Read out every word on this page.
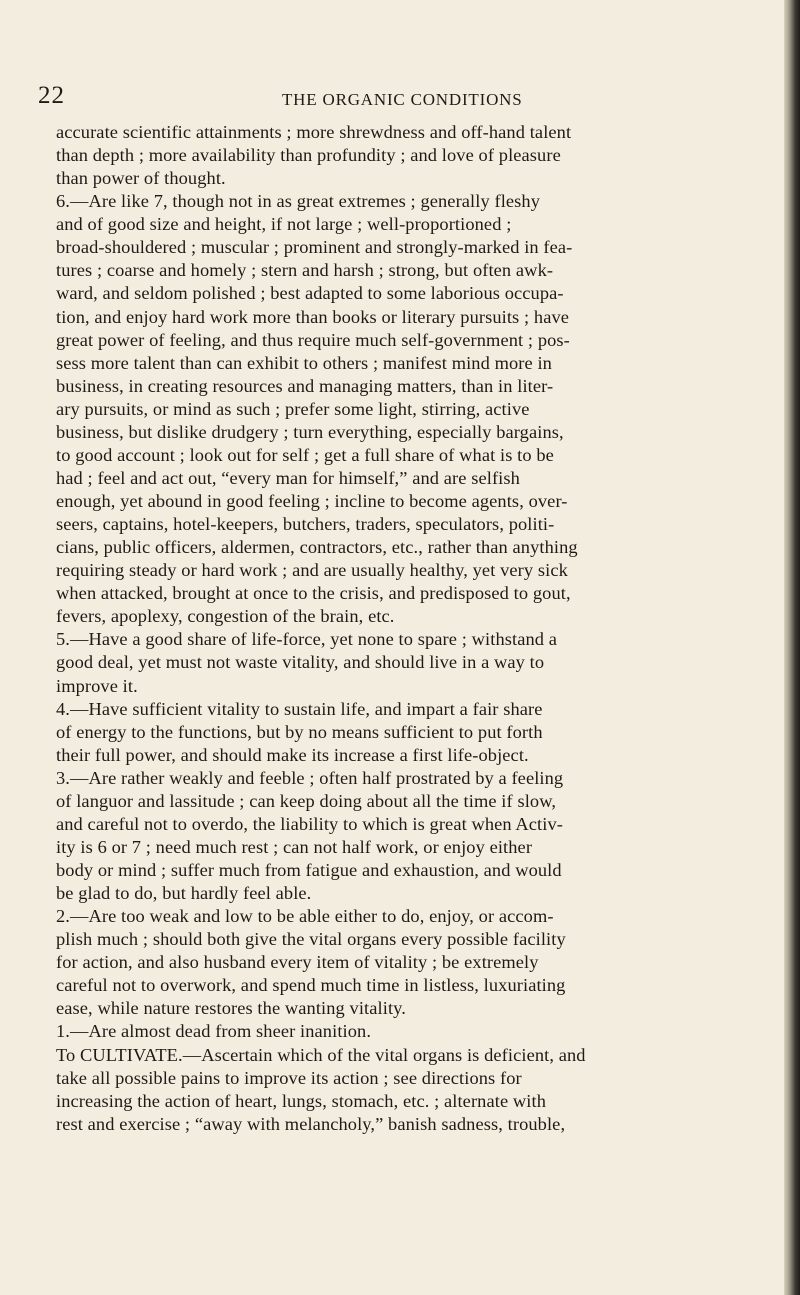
22	THE ORGANIC CONDITIONS
accurate scientific attainments ; more shrewdness and off-hand talent
than depth ; more availability than profundity ; and love of pleasure
than power of thought.
6.—Are like 7, though not in as great extremes ; generally fleshy
and of good size and height, if not large ; well-proportioned ;
broad-shouldered ; muscular ; prominent and strongly-marked in fea-
tures ; coarse and homely ; stern and harsh ; strong, but often awk-
ward, and seldom polished ; best adapted to some laborious occupa-
tion, and enjoy hard work more than books or literary pursuits ; have
great power of feeling, and thus require much self-government ; pos-
sess more talent than can exhibit to others ; manifest mind more in
business, in creating resources and managing matters, than in liter-
ary pursuits, or mind as such ; prefer some light, stirring, active
business, but dislike drudgery ; turn everything, especially bargains,
to good account ; look out for self ; get a full share of what is to be
had ; feel and act out, “every man for himself,” and are selfish
enough, yet abound in good feeling ; incline to become agents, over-
seers, captains, hotel-keepers, butchers, traders, speculators, politi-
cians, public officers, aldermen, contractors, etc., rather than anything
requiring steady or hard work ; and are usually healthy, yet very sick
when attacked, brought at once to the crisis, and predisposed to gout,
fevers, apoplexy, congestion of the brain, etc.
5.—Have a good share of life-force, yet none to spare ; withstand a
good deal, yet must not waste vitality, and should live in a way to
improve it.
4.—Have sufficient vitality to sustain life, and impart a fair share
of energy to the functions, but by no means sufficient to put forth
their full power, and should make its increase a first life-object.
3.—Are rather weakly and feeble ; often half prostrated by a feeling
of languor and lassitude ; can keep doing about all the time if slow,
and careful not to overdo, the liability to which is great when Activ-
ity is 6 or 7 ; need much rest ; can not half work, or enjoy either
body or mind ; suffer much from fatigue and exhaustion, and would
be glad to do, but hardly feel able.
2.—Are too weak and low to be able either to do, enjoy, or accom-
plish much ; should both give the vital organs every possible facility
for action, and also husband every item of vitality ; be extremely
careful not to overwork, and spend much time in listless, luxuriating
ease, while nature restores the wanting vitality.
1.—Are almost dead from sheer inanition.
To CULTIVATE.—Ascertain which of the vital organs is deficient, and
take all possible pains to improve its action ; see directions for
increasing the action of heart, lungs, stomach, etc. ; alternate with
rest and exercise ; “away with melancholy,” banish sadness, trouble,
